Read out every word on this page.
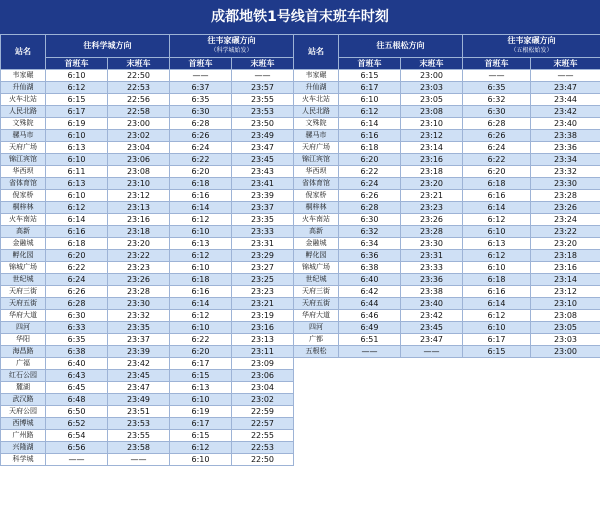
成都地铁1号线首末班车时刻
站名	往科学城方向		往韦家碾方向
（科学城始发）		站名	往五根松方向		往韦家碾方向
（五根松始发）	

	首班车	末班车	首班车	末班车		首班车	末班车	首班车	末班车
韦家碾	6:10	22:50	——	——	韦家碾	6:15	23:00	——	——
升仙湖	6:12	22:53	6:37	23:57	升仙湖	6:17	23:03	6:35	23:47
火车北站	6:15	22:56	6:35	23:55	火车北站	6:10	23:05	6:32	23:44
人民北路	6:17	22:58	6:30	23:53	人民北路	6:12	23:08	6:30	23:42
文殊院	6:19	23:00	6:28	23:50	文殊院	6:14	23:10	6:28	23:40
骡马市	6:10	23:02	6:26	23:49	骡马市	6:16	23:12	6:26	23:38
天府广场	6:13	23:04	6:24	23:47	天府广场	6:18	23:14	6:24	23:36
锦江宾馆	6:10	23:06	6:22	23:45	锦江宾馆	6:20	23:16	6:22	23:34
华西坝	6:11	23:08	6:20	23:43	华西坝	6:22	23:18	6:20	23:32
省体育馆	6:13	23:10	6:18	23:41	省体育馆	6:24	23:20	6:18	23:30
倪家桥	6:10	23:12	6:16	23:39	倪家桥	6:26	23:21	6:16	23:28
桐梓林	6:12	23:13	6:14	23:37	桐梓林	6:28	23:23	6:14	23:26
火车南站	6:14	23:16	6:12	23:35	火车南站	6:30	23:26	6:12	23:24
高新	6:16	23:18	6:10	23:33	高新	6:32	23:28	6:10	23:22
金融城	6:18	23:20	6:13	23:31	金融城	6:34	23:30	6:13	23:20
孵化园	6:20	23:22	6:12	23:29	孵化园	6:36	23:31	6:12	23:18
锦城广场	6:22	23:23	6:10	23:27	锦城广场	6:38	23:33	6:10	23:16
世纪城	6:24	23:26	6:18	23:25	世纪城	6:40	23:36	6:18	23:14
天府三街	6:26	23:28	6:16	23:23	天府三街	6:42	23:38	6:16	23:12
天府五街	6:28	23:30	6:14	23:21	天府五街	6:44	23:40	6:14	23:10
华府大道	6:30	23:32	6:12	23:19	华府大道	6:46	23:42	6:12	23:08
四河	6:33	23:35	6:10	23:16	四河	6:49	23:45	6:10	23:05
华阳	6:35	23:37	6:22	23:13	广都	6:51	23:47	6:17	23:03
海昌路	6:38	23:39	6:20	23:11	五根松	——	——	6:15	23:00
广福	6:40	23:42	6:17	23:09					
红石公园	6:43	23:45	6:15	23:06					
麓湖	6:45	23:47	6:13	23:04					
武汉路	6:48	23:49	6:10	23:02					
天府公园	6:50	23:51	6:19	22:59					
西博城	6:52	23:53	6:17	22:57					
广州路	6:54	23:55	6:15	22:55					
兴隆湖	6:56	23:58	6:12	22:53					
科学城	——	——	6:10	22:50					
